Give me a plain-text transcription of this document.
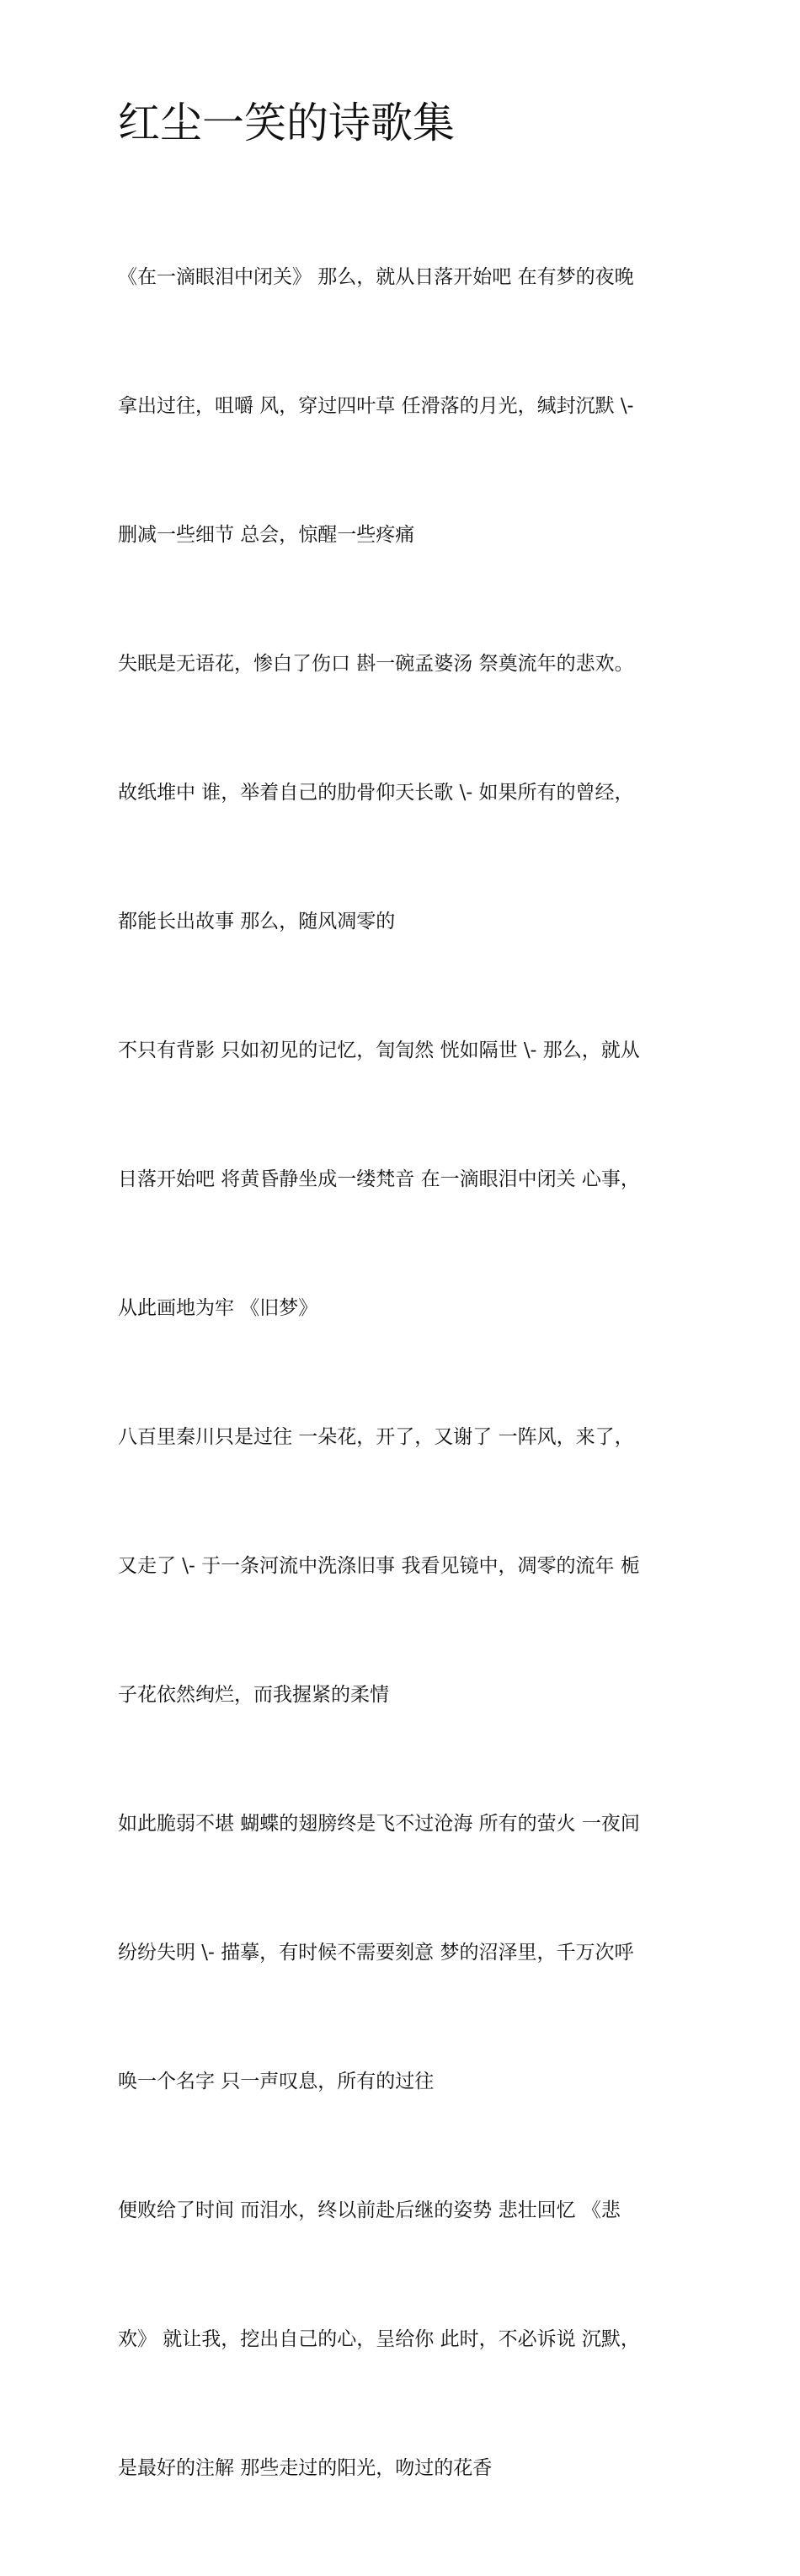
红尘一笑的诗歌集

《在一滴眼泪中闭关》 那么，就从日落开始吧 在有梦的夜晚

拿出过往，咀嚼 风，穿过四叶草 任滑落的月光，缄封沉默 \-

删减一些细节 总会，惊醒一些疼痛

失眠是无语花，惨白了伤口 斟一碗孟婆汤 祭奠流年的悲欢。

故纸堆中 谁，举着自己的肋骨仰天长歌 \- 如果所有的曾经，

都能长出故事 那么，随风凋零的

不只有背影 只如初见的记忆，訇訇然 恍如隔世 \- 那么，就从

日落开始吧 将黄昏静坐成一缕梵音 在一滴眼泪中闭关 心事，

从此画地为牢 《旧梦》

八百里秦川只是过往 一朵花，开了，又谢了 一阵风，来了，

又走了 \- 于一条河流中洗涤旧事 我看见镜中，凋零的流年 栀

子花依然绚烂，而我握紧的柔情

如此脆弱不堪 蝴蝶的翅膀终是飞不过沧海 所有的萤火 一夜间

纷纷失明 \- 描摹，有时候不需要刻意 梦的沼泽里，千万次呼

唤一个名字 只一声叹息，所有的过往

便败给了时间 而泪水，终以前赴后继的姿势 悲壮回忆 《悲

欢》 就让我，挖出自己的心，呈给你 此时，不必诉说 沉默，

是最好的注解 那些走过的阳光，吻过的花香
